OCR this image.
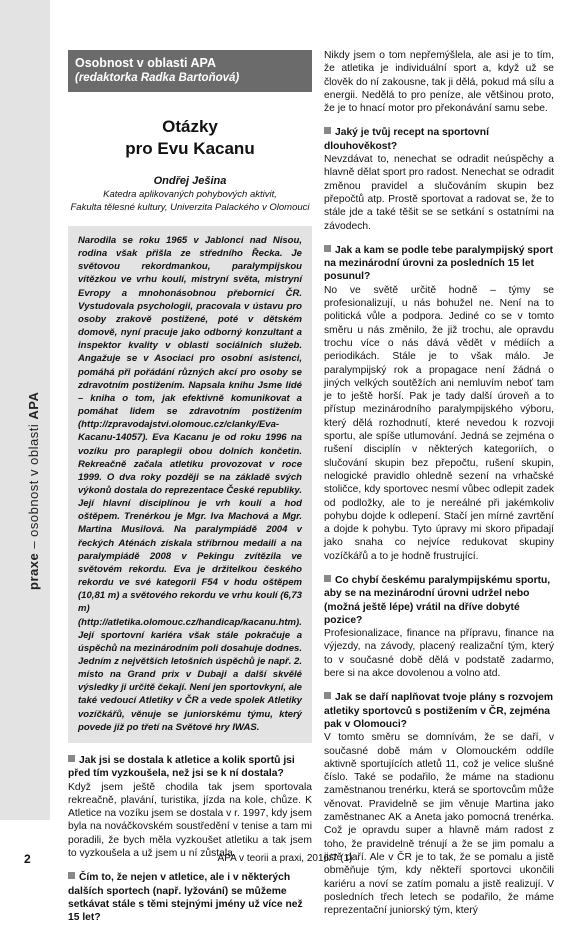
praxe – osobnost v oblasti APA
Osobnost v oblasti APA
(redaktorka Radka Bartoňová)
Otázky
pro Evu Kacanu
Ondřej Ješina
Katedra aplikovaných pohybových aktivit,
Fakulta tělesné kultury, Univerzita Palackého v Olomouci
Narodila se roku 1965 v Jablonci nad Nisou, rodina však přišla ze středního Řecka. Je světovou rekordmankou, paralympijskou vítězkou ve vrhu koulí, mistryní světa, mistryní Evropy a mnohonásobnou přebornicí ČR. Vystudovala psychologii, pracovala v ústavu pro osoby zrakově postižené, poté v dětském domově, nyní pracuje jako odborný konzultant a inspektor kvality v oblasti sociálních služeb. Angažuje se v Asociaci pro osobní asistenci, pomáhá při pořádání různých akcí pro osoby se zdravotním postižením. Napsala knihu Jsme lidé – kniha o tom, jak efektivně komunikovat a pomáhat lidem se zdravotním postižením (http://zpravodajstvi.olomouc.cz/clanky/Eva-Kacanu-14057). Eva Kacanu je od roku 1996 na vozíku pro paraplegii obou dolních končetin. Rekreačně začala atletiku provozovat v roce 1999. O dva roky později se na základě svých výkonů dostala do reprezentace České republiky. Její hlavní disciplínou je vrh koulí a hod oštěpem. Trenérkou je Mgr. Iva Machová a Mgr. Martina Musilová. Na paralympiádě 2004 v řeckých Aténách získala stříbrnou medaili a na paralympiádě 2008 v Pekingu zvítězila ve světovém rekordu. Eva je držitelkou českého rekordu ve své kategorii F54 v hodu oštěpem (10,81 m) a světového rekordu ve vrhu koulí (6,73 m) (http://atletika.olomouc.cz/handicap/kacanu.htm). Její sportovní kariéra však stále pokračuje a úspěchů na mezinárodním poli dosahuje dodnes. Jedním z největších letošních úspěchů je např. 2. místo na Grand prix v Dubaji a další skvělé výsledky ji určitě čekají. Není jen sportovkyní, ale také vedoucí Atletiky v ČR a vede spolek Atletiky vozíčkářů, věnuje se juniorskému týmu, který povede již po třetí na Světové hry IWAS.
Jak jsi se dostala k atletice a kolik sportů jsi před tím vyzkoušela, než jsi se k ní dostala?
Když jsem ještě chodila tak jsem sportovala rekreačně, plavání, turistika, jízda na kole, chůze. K Atletice na vozíku jsem se dostala v r. 1997, kdy jsem byla na nováčkovském soustředění v tenise a tam mi poradili, že bych měla vyzkoušet atletiku a tak jsem to vyzkoušela a už jsem u ní zůstala.
Čím to, že nejen v atletice, ale i v některých dalších sportech (např. lyžování) se můžeme setkávat stále s těmi stejnými jmény už více než 15 let?
Nikdy jsem o tom nepřemýšlela, ale asi je to tím, že atletika je individuální sport a, když už se člověk do ní zakousne, tak ji dělá, pokud má sílu a energii. Nedělá to pro peníze, ale většinou proto, že je to hnací motor pro překonávání samu sebe.
Jaký je tvůj recept na sportovní dlouhověkost?
Nevzdávat to, nenechat se odradit neúspěchy a hlavně dělat sport pro radost. Nenechat se odradit změnou pravidel a slučováním skupin bez přepočtů atp. Prostě sportovat a radovat se, že to stále jde a také těšit se se setkání s ostatními na závodech.
Jak a kam se podle tebe paralympijský sport na mezinárodní úrovni za posledních 15 let posunul?
No ve světě určitě hodně – týmy se profesionalizují, u nás bohužel ne. Není na to politická vůle a podpora. Jediné co se v tomto směru u nás změnilo, že již trochu, ale opravdu trochu více o nás dává vědět v médiích a periodikách. Stále je to však málo. Je paralympijský rok a propagace není žádná o jiných velkých soutěžích ani nemluvím neboť tam je to ještě horší. Pak je tady další úroveň a to přístup mezinárodního paralympijského výboru, který dělá rozhodnutí, které nevedou k rozvoji sportu, ale spíše utlumování. Jedná se zejména o rušení disciplín v některých kategoriích, o slučování skupin bez přepočtu, rušení skupin, nelogické pravidlo ohledně sezení na vrhačské stoličce, kdy sportovec nesmí vůbec odlepit zadek od podložky, ale to je nereálné při jakémkoliv pohybu dojde k odlepení. Stačí jen mírné zavrtění a dojde k pohybu. Tyto úpravy mi skoro připadají jako snaha co nejvíce redukovat skupiny vozíčkářů a to je hodně frustrující.
Co chybí českému paralympijskému sportu, aby se na mezinárodní úrovni udržel nebo (možná ještě lépe) vrátil na dříve dobyté pozice?
Profesionalizace, finance na přípravu, finance na výjezdy, na závody, placený realizační tým, který to v současné době dělá v podstatě zadarmo, bere si na akce dovolenou a volno atd.
Jak se daří naplňovat tvoje plány s rozvojem atletiky sportovců s postižením v ČR, zejména pak v Olomouci?
V tomto směru se domnívám, že se daří, v současné době mám v Olomouckém oddíle aktivně sportujících atletů 11, což je velice slušné číslo. Také se podařilo, že máme na stadionu zaměstnanou trenérku, která se sportovcům může věnovat. Pravidelně se jim věnuje Martina jako zaměstnanec AK a Aneta jako pomocná trenérka. Což je opravdu super a hlavně mám radost z toho, že pravidelně trénují a že se jim pomalu a jistě daří. Ale v ČR je to tak, že se pomalu a jistě obměňuje tým, kdy někteří sportovci ukončili kariéru a noví se zatím pomalu a jistě realizují. V posledních třech letech se podařilo, že máme reprezentační juniorský tým, který
2	APA v teorii a praxi, 2016/7 (1)
